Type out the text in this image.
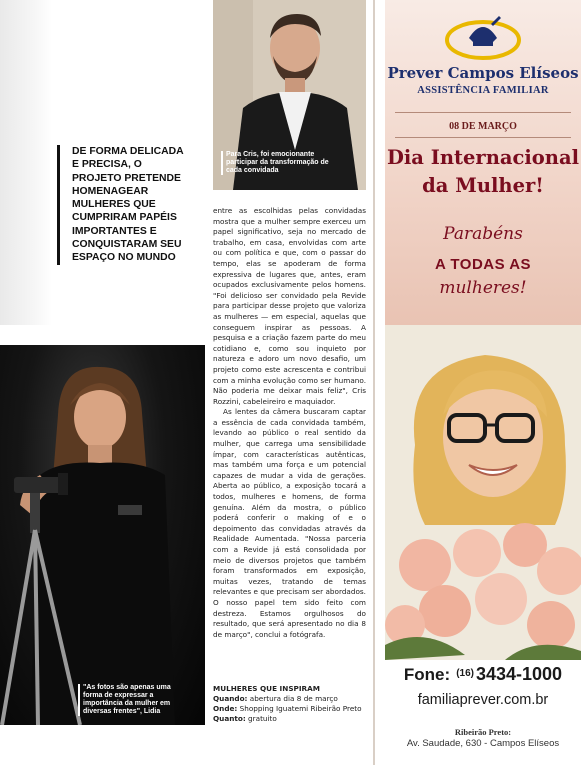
DE FORMA DELICADA E PRECISA, O PROJETO PRETENDE HOMENAGEAR MULHERES QUE CUMPRIRAM PAPÉIS IMPORTANTES E CONQUISTARAM SEU ESPAÇO NO MUNDO
"As fotos são apenas uma forma de expressar a importância da mulher em diversas frentes", Lidia
Para Cris, foi emocionante participar da transformação de cada convidada

entre as escolhidas pelas convidadas mostra que a mulher sempre exerceu um papel significativo, seja no mercado de trabalho, em casa, envolvidas com arte ou com política e que, com o passar do tempo, elas se apoderam de forma expressiva de lugares que, antes, eram ocupados exclusivamente pelos homens. "Foi delicioso ser convidado pela Revide para participar desse projeto que valoriza as mulheres — em especial, aquelas que conseguem inspirar as pessoas. A pesquisa e a criação fazem parte do meu cotidiano e, como sou inquieto por natureza e adoro um novo desafio, um projeto como este acrescenta e contribui com a minha evolução como ser humano. Não poderia me deixar mais feliz", Cris Rozzini, cabeleireiro e maquiador.

As lentes da câmera buscaram captar a essência de cada convidada também, levando ao público o real sentido da mulher, que carrega uma sensibilidade ímpar, com características autênticas, mas também uma força e um potencial capazes de mudar a vida de gerações. Aberta ao público, a exposição tocará a todos, mulheres e homens, de forma genuína. Além da mostra, o público poderá conferir o making of e o depoimento das convidadas através da Realidade Aumentada. "Nossa parceria com a Revide já está consolidada por meio de diversos projetos que também foram transformados em exposição, muitas vezes, tratando de temas relevantes e que precisam ser abordados. O nosso papel tem sido feito com destreza. Estamos orgulhosos do resultado, que será apresentado no dia 8 de março", conclui a fotógrafa.

MULHERES QUE INSPIRAM
Quando: abertura dia 8 de março
Onde: Shopping Iguatemi Ribeirão Preto
Quanto: gratuito
Prever Campos Elíseos
ASSISTÊNCIA FAMILIAR
08 DE MARÇO
Dia Internacional
da Mulher!
Parabéns
A TODAS AS
mulheres!
Fone: $^{(16)}$ 3434-1000
familiaprever.com.br
Ribeirão Preto:
Av. Saudade, 630 - Campos Elíseos
